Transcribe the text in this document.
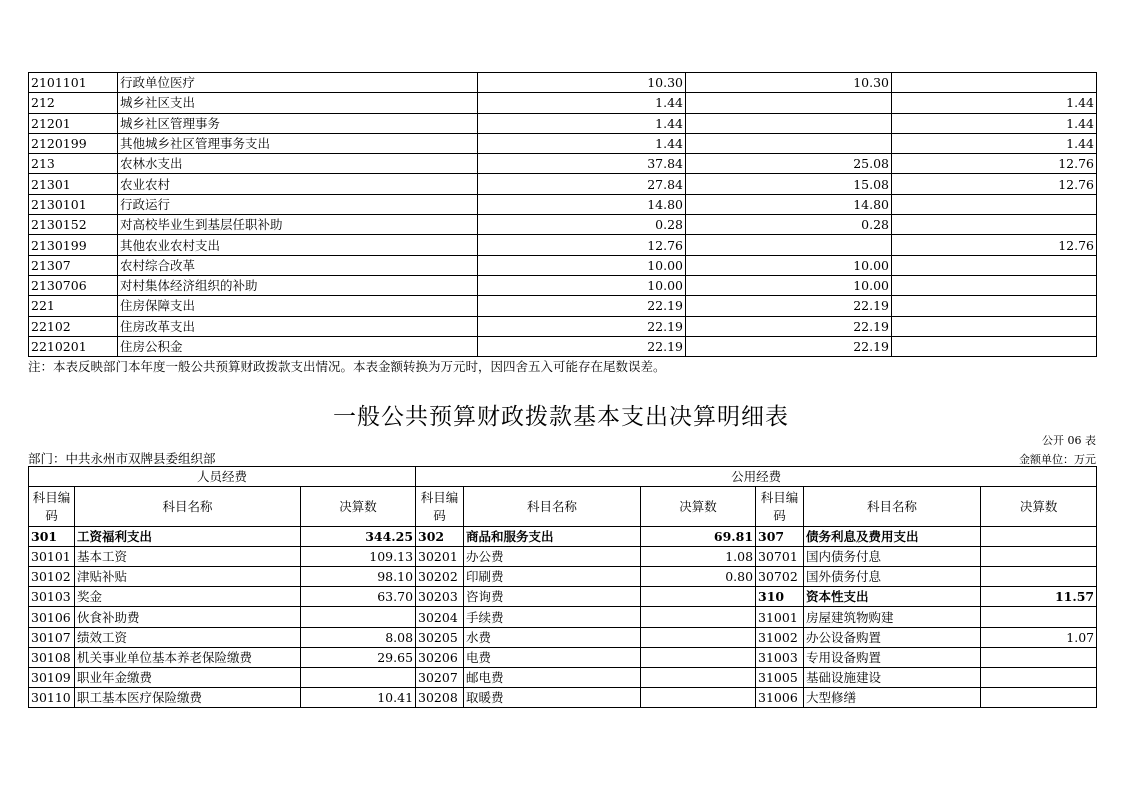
2101101	行政单位医疗	10.30	10.30	
212	城乡社区支出	1.44		1.44
21201	城乡社区管理事务	1.44		1.44
2120199	其他城乡社区管理事务支出	1.44		1.44
213	农林水支出	37.84	25.08	12.76
21301	农业农村	27.84	15.08	12.76
2130101	行政运行	14.80	14.80	
2130152	对高校毕业生到基层任职补助	0.28	0.28	
2130199	其他农业农村支出	12.76		12.76
21307	农村综合改革	10.00	10.00	
2130706	对村集体经济组织的补助	10.00	10.00	
221	住房保障支出	22.19	22.19	
22102	住房改革支出	22.19	22.19	
2210201	住房公积金	22.19	22.19	
注：本表反映部门本年度一般公共预算财政拨款支出情况。本表金额转换为万元时，因四舍五入可能存在尾数误差。
一般公共预算财政拨款基本支出决算明细表
公开 06 表
部门：中共永州市双牌县委组织部	金额单位：万元
人员经费			公用经费					
科目编码	科目名称	决算数	科目编码	科目名称	决算数	科目编码	科目名称	决算数
301	工资福利支出	344.25	302	商品和服务支出	69.81	307	债务利息及费用支出	
30101	基本工资	109.13	30201	办公费	1.08	30701	国内债务付息	
30102	津贴补贴	98.10	30202	印刷费	0.80	30702	国外债务付息	
30103	奖金	63.70	30203	咨询费		310	资本性支出	11.57
30106	伙食补助费		30204	手续费		31001	房屋建筑物购建	
30107	绩效工资	8.08	30205	水费		31002	办公设备购置	1.07
30108	机关事业单位基本养老保险缴费	29.65	30206	电费		31003	专用设备购置	
30109	职业年金缴费		30207	邮电费		31005	基础设施建设	
30110	职工基本医疗保险缴费	10.41	30208	取暖费		31006	大型修缮	
